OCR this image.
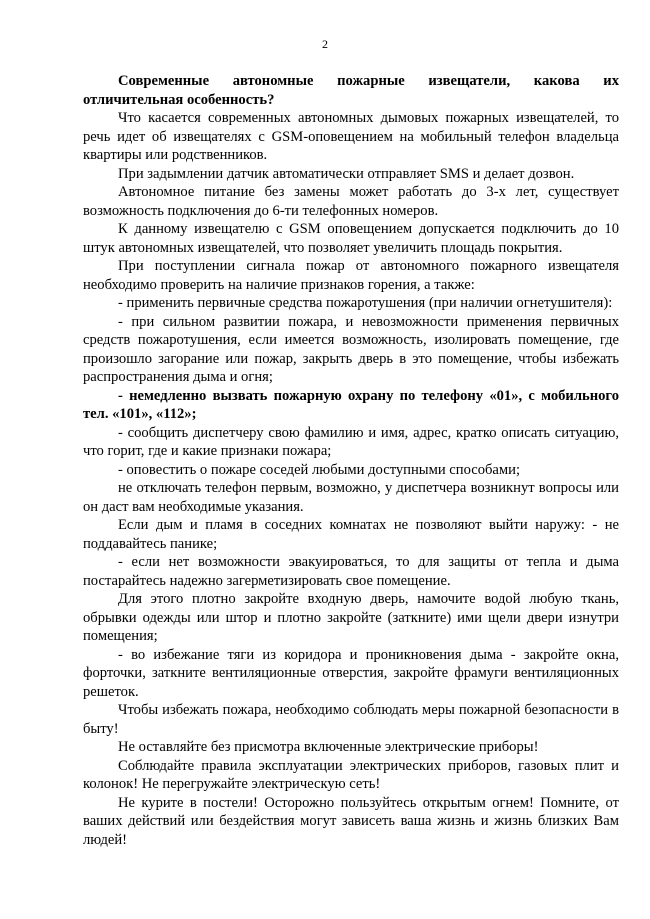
2

Современные автономные пожарные извещатели, какова их отличительная особенность?

Что касается современных автономных дымовых пожарных извещателей, то речь идет об извещателях с GSM-оповещением на мобильный телефон владельца квартиры или родственников.

При задымлении датчик автоматически отправляет SMS и делает дозвон.

Автономное питание без замены может работать до 3-х лет, существует возможность подключения до 6-ти телефонных номеров.

К данному извещателю с GSM оповещением допускается подключить до 10 штук автономных извещателей, что позволяет увеличить площадь покрытия.

При поступлении сигнала пожар от автономного пожарного извещателя необходимо проверить на наличие признаков горения, а также:

- применить первичные средства пожаротушения (при наличии огнетушителя):

- при сильном развитии пожара, и невозможности применения первичных средств пожаротушения, если имеется возможность, изолировать помещение, где произошло загорание или пожар, закрыть дверь в это помещение, чтобы избежать распространения дыма и огня;

- немедленно вызвать пожарную охрану по телефону «01», с мобильного тел. «101», «112»;

- сообщить диспетчеру свою фамилию и имя, адрес, кратко описать ситуацию, что горит, где и какие признаки пожара;

- оповестить о пожаре соседей любыми доступными способами;

не отключать телефон первым, возможно, у диспетчера возникнут вопросы или он даст вам необходимые указания.

Если дым и пламя в соседних комнатах не позволяют выйти наружу: - не поддавайтесь панике;

- если нет возможности эвакуироваться, то для защиты от тепла и дыма постарайтесь надежно загерметизировать свое помещение.

Для этого плотно закройте входную дверь, намочите водой любую ткань, обрывки одежды или штор и плотно закройте (заткните) ими щели двери изнутри помещения;

- во избежание тяги из коридора и проникновения дыма - закройте окна, форточки, заткните вентиляционные отверстия, закройте фрамуги вентиляционных решеток.

Чтобы избежать пожара, необходимо соблюдать меры пожарной безопасности в быту!

Не оставляйте без присмотра включенные электрические приборы!

Соблюдайте правила эксплуатации электрических приборов, газовых плит и колонок! Не перегружайте электрическую сеть!

Не курите в постели! Осторожно пользуйтесь открытым огнем! Помните, от ваших действий или бездействия могут зависеть ваша жизнь и жизнь близких Вам людей!
